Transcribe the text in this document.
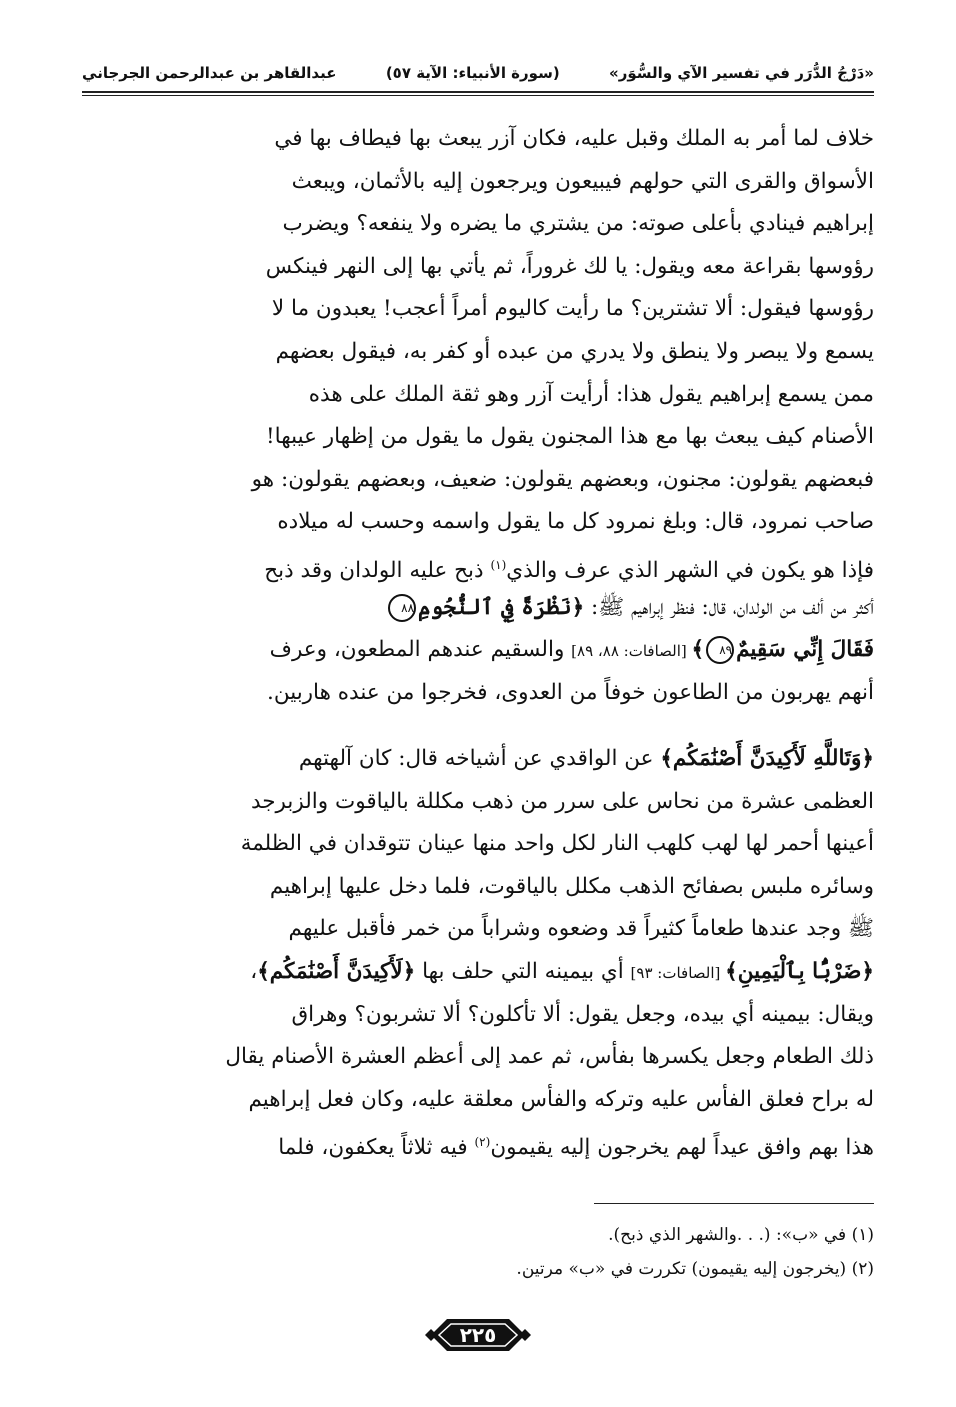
«دَرْجُ الدُّرَر في تفسير الآي والسُّوَر»
(سورة الأنبياء: الآية ٥٧)
عبدالقاهر بن عبدالرحمن الجرجاني
خلاف لما أمر به الملك وقبل عليه، فكان آزر يبعث بها فيطاف بها في
الأسواق والقرى التي حولهم فيبيعون ويرجعون إليه بالأثمان، ويبعث
إبراهيم فينادي بأعلى صوته: من يشتري ما يضره ولا ينفعه؟ ويضرب
رؤوسها بقراعة معه ويقول: يا لك غروراً، ثم يأتي بها إلى النهر فينكس
رؤوسها فيقول: ألا تشترين؟ ما رأيت كاليوم أمراً أعجب! يعبدون ما لا
يسمع ولا يبصر ولا ينطق ولا يدري من عبده أو كفر به، فيقول بعضهم
ممن يسمع إبراهيم يقول هذا: أرأيت آزر وهو ثقة الملك على هذه
الأصنام كيف يبعث بها مع هذا المجنون يقول ما يقول من إظهار عيبها!
فبعضهم يقولون: مجنون، وبعضهم يقولون: ضعيف، وبعضهم يقولون: هو
صاحب نمرود، قال: وبلغ نمرود كل ما يقول واسمه وحسب له ميلاده
فإذا هو يكون في الشهر الذي عرف والذي$^{(١)}$ ذبح عليه الولدان وقد ذبح
أكثر من ألف من الولدان، قال: فنظر إبراهيم ﷺ: ﴿نَظْرَةً فِي ٱلنُّجُومِ٨٨
فَقَالَ إِنِّي سَقِيمٌ٨٩﴾ [الصافات: ٨٨، ٨٩] والسقيم عندهم المطعون، وعرف
أنهم يهربون من الطاعون خوفاً من العدوى، فخرجوا من عنده هاربين.
﴿وَتَاللَّهِ لَأَكِيدَنَّ أَصْنَٰمَكُم﴾ عن الواقدي عن أشياخه قال: كان آلهتهم
العظمى عشرة من نحاس على سرر من ذهب مكللة بالياقوت والزبرجد
أعينها أحمر لها لهب كلهب النار لكل واحد منها عينان تتوقدان في الظلمة
وسائره ملبس بصفائح الذهب مكلل بالياقوت، فلما دخل عليها إبراهيم
ﷺ وجد عندها طعاماً كثيراً قد وضعوه وشراباً من خمر فأقبل عليهم
﴿ضَرْبًۢا بِٱلْيَمِينِ﴾ [الصافات: ٩٣] أي بيمينه التي حلف بها ﴿لَأَكِيدَنَّ أَصْنَٰمَكُم﴾،
ويقال: بيمينه أي بيده، وجعل يقول: ألا تأكلون؟ ألا تشربون؟ وهراق
ذلك الطعام وجعل يكسرها بفأس، ثم عمد إلى أعظم العشرة الأصنام يقال
له براح فعلق الفأس عليه وتركه والفأس معلقة عليه، وكان فعل إبراهيم
هذا بهم وافق عيداً لهم يخرجون إليه يقيمون$^{(٢)}$ فيه ثلاثاً يعكفون، فلما
(١) في «ب»: (. . .والشهر الذي ذبح).
(٢) (يخرجون إليه يقيمون) تكررت في «ب» مرتين.
٢٢٥
